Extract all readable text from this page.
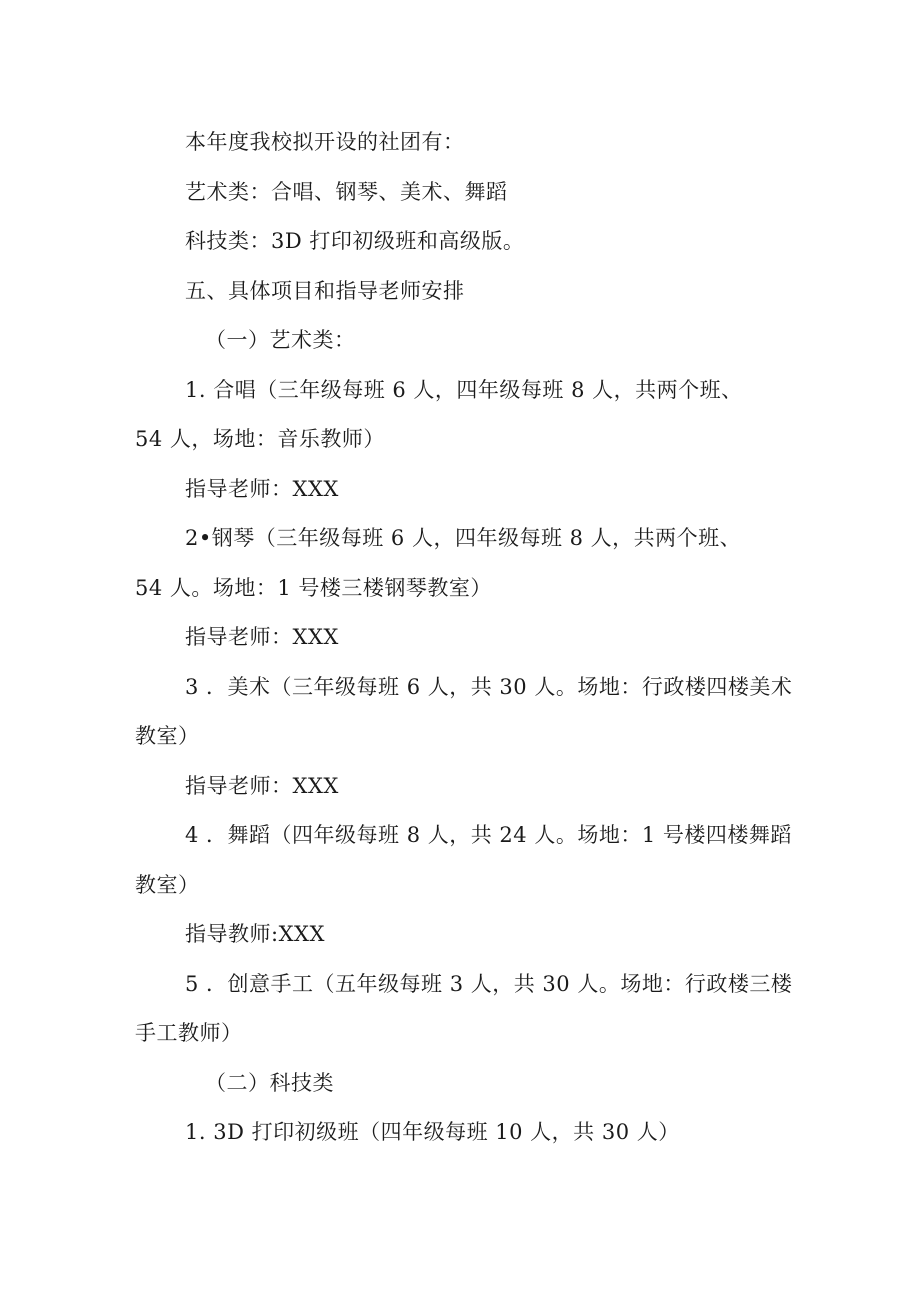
本年度我校拟开设的社团有：
艺术类：合唱、钢琴、美术、舞蹈
科技类：3D 打印初级班和高级版。
五、具体项目和指导老师安排
（一）艺术类：
1. 合唱（三年级每班 6 人，四年级每班 8 人，共两个班、
54 人，场地：音乐教师）
指导老师：XXX
2•钢琴（三年级每班 6 人，四年级每班 8 人，共两个班、
54 人。场地：1 号楼三楼钢琴教室）
指导老师：XXX
3 ．美术（三年级每班 6 人，共 30 人。场地：行政楼四楼美术
教室）
指导老师：XXX
4 ．舞蹈（四年级每班 8 人，共 24 人。场地：1 号楼四楼舞蹈
教室）
指导教师:XXX
5 ．创意手工（五年级每班 3 人，共 30 人。场地：行政楼三楼
手工教师）
（二）科技类
1. 3D 打印初级班（四年级每班 10 人，共 30 人）
